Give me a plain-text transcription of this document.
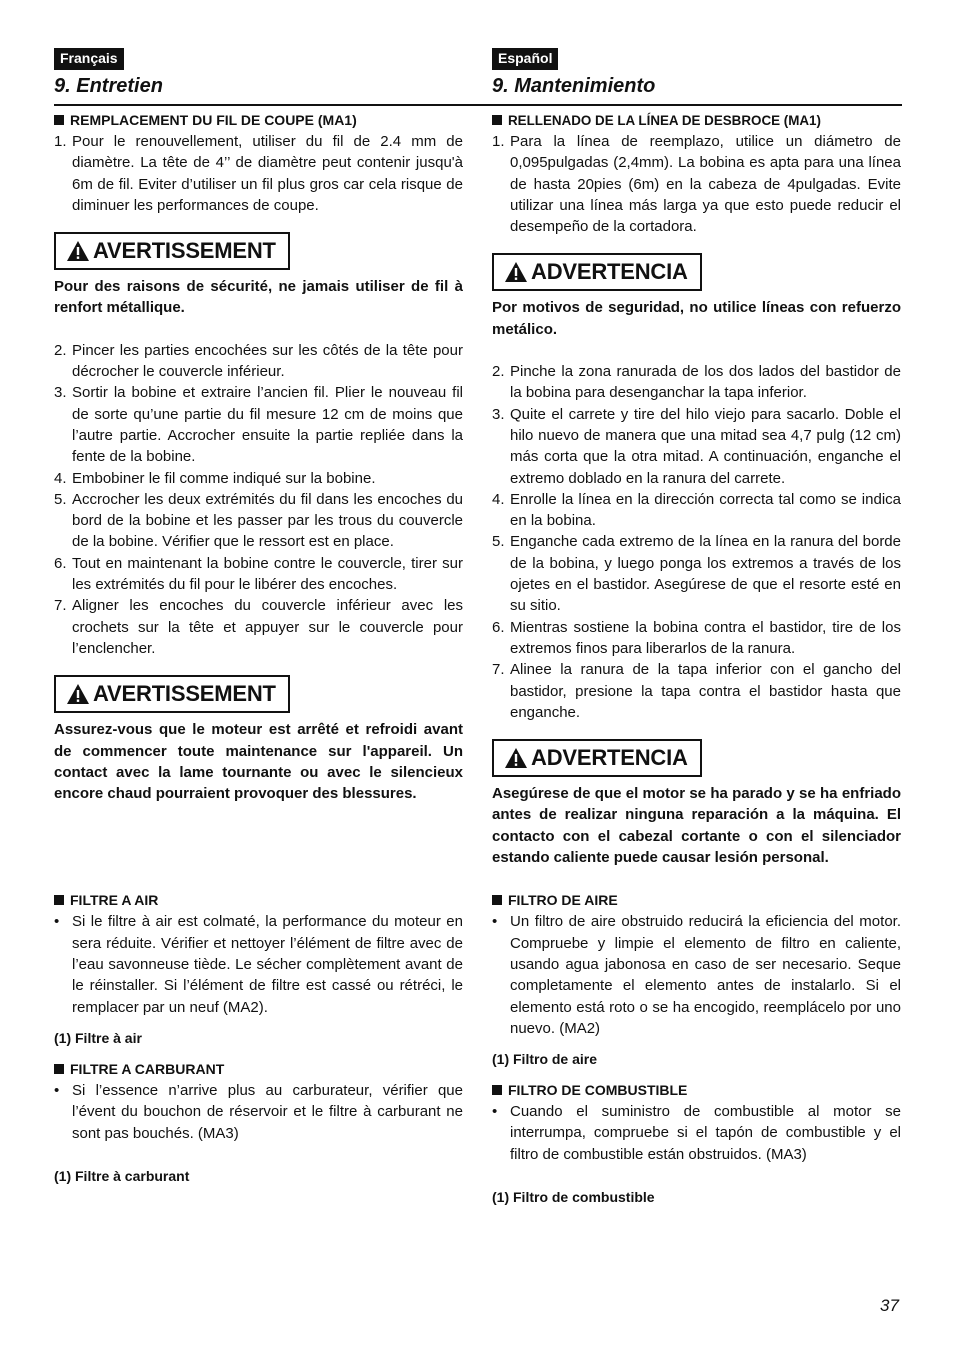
Français
9. Entretien
REMPLACEMENT DU FIL DE COUPE (MA1)
1. Pour le renouvellement, utiliser du fil de 2.4 mm de diamètre. La tête de 4’’ de diamètre peut contenir jusqu'à 6m de fil. Eviter d’utiliser un fil plus gros car cela risque de diminuer les performances de coupe.
AVERTISSEMENT
Pour des raisons de sécurité, ne jamais utiliser de fil à renfort métallique.
2. Pincer les parties encochées sur les côtés de la tête pour décrocher le couvercle inférieur.
3. Sortir la bobine et extraire l’ancien fil. Plier le nouveau fil de sorte qu’une partie du fil mesure 12 cm de moins que l’autre partie. Accrocher ensuite la partie repliée dans la fente de la bobine.
4. Embobiner le fil comme indiqué sur la bobine.
5. Accrocher les deux extrémités du fil dans les encoches du bord de la bobine et les passer par les trous du couvercle de la bobine. Vérifier que le ressort est en place.
6. Tout en maintenant la bobine contre le couvercle, tirer sur les extrémités du fil pour le libérer des encoches.
7. Aligner les encoches du couvercle inférieur avec les crochets sur la tête et appuyer sur le couvercle pour l’enclencher.
AVERTISSEMENT
Assurez-vous que le moteur est arrêté et refroidi avant de commencer toute maintenance sur l'appareil. Un contact avec la lame tournante ou avec le silencieux encore chaud pourraient provoquer des blessures.
FILTRE A AIR
• Si le filtre à air est colmaté, la performance du moteur en sera réduite. Vérifier et nettoyer l’élément de filtre avec de l’eau savonneuse tiède. Le sécher complètement avant de le réinstaller. Si l’élément de filtre est cassé ou rétréci, le remplacer par un neuf (MA2).
(1) Filtre à air
FILTRE A CARBURANT
• Si l’essence n’arrive plus au carburateur, vérifier que l’évent du bouchon de réservoir et le filtre à carburant ne sont pas bouchés. (MA3)
(1) Filtre à carburant
Español
9. Mantenimiento
RELLENADO DE LA LÍNEA DE DESBROCE (MA1)
1. Para la línea de reemplazo, utilice un diámetro de 0,095pulgadas (2,4mm). La bobina es apta para una línea de hasta 20pies (6m) en la cabeza de 4pulgadas. Evite utilizar una línea más larga ya que esto puede reducir el desempeño de la cortadora.
ADVERTENCIA
Por motivos de seguridad, no utilice líneas con refuerzo metálico.
2. Pinche la zona ranurada de los dos lados del bastidor de la bobina para desenganchar la tapa inferior.
3. Quite el carrete y tire del hilo viejo para sacarlo. Doble el hilo nuevo de manera que una mitad sea 4,7 pulg (12 cm) más corta que la otra mitad. A continuación, enganche el extremo doblado en la ranura del carrete.
4. Enrolle la línea en la dirección correcta tal como se indica en la bobina.
5. Enganche cada extremo de la línea en la ranura del borde de la bobina, y luego ponga los extremos a través de los ojetes en el bastidor. Asegúrese de que el resorte esté en su sitio.
6. Mientras sostiene la bobina contra el bastidor, tire de los extremos finos para liberarlos de la ranura.
7. Alinee la ranura de la tapa inferior con el gancho del bastidor, presione la tapa contra el bastidor hasta que enganche.
ADVERTENCIA
Asegúrese de que el motor se ha parado y se ha enfriado antes de realizar ninguna reparación a la máquina. El contacto con el cabezal cortante o con el silenciador estando caliente puede causar lesión personal.
FILTRO DE AIRE
• Un filtro de aire obstruido reducirá la eficiencia del motor. Compruebe y limpie el elemento de filtro en caliente, usando agua jabonosa en caso de ser necesario. Seque completamente el elemento antes de instalarlo. Si el elemento está roto o se ha encogido, reemplácelo por uno nuevo. (MA2)
(1) Filtro de aire
FILTRO DE COMBUSTIBLE
• Cuando el suministro de combustible al motor se interrumpa, compruebe si el tapón de combustible y el filtro de combustible están obstruidos. (MA3)
(1) Filtro de combustible
37
